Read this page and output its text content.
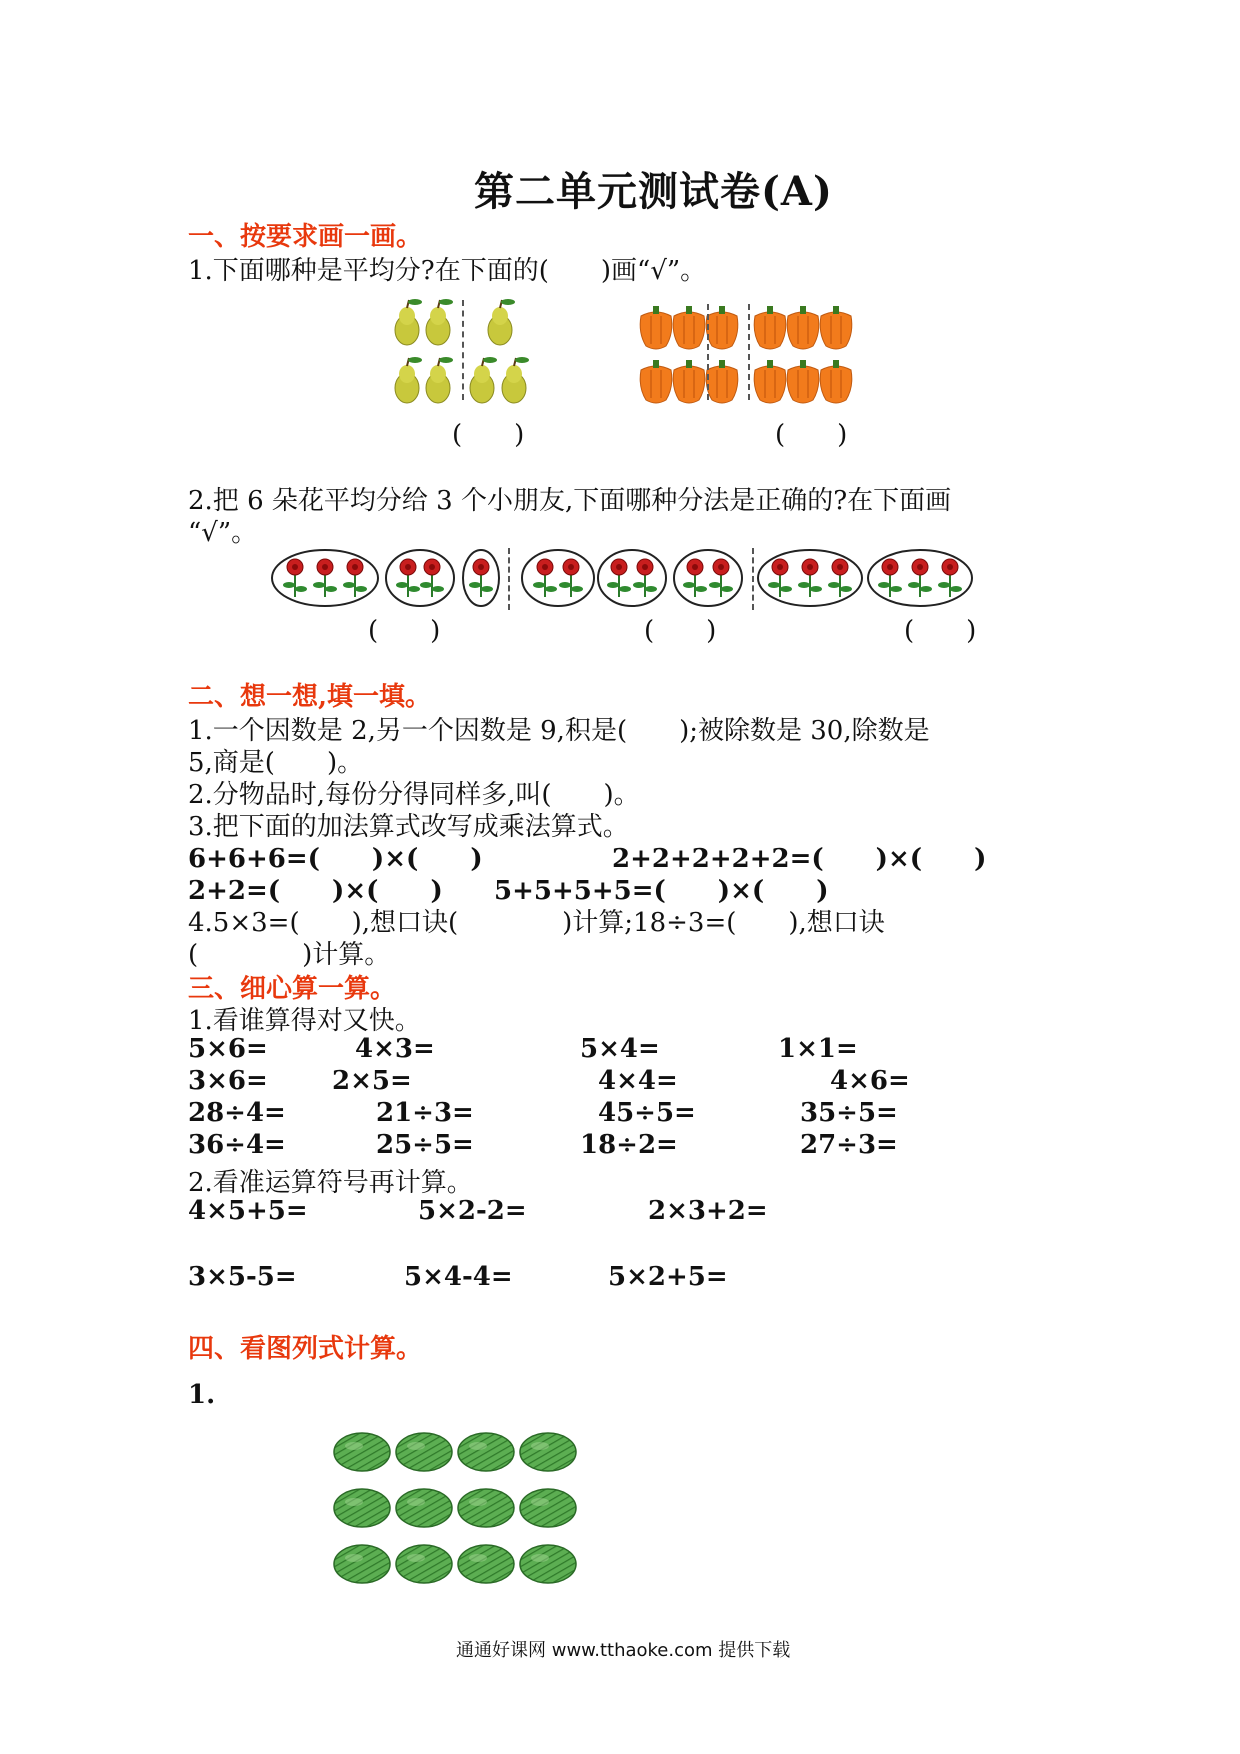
第二单元测试卷(A)
一、按要求画一画。
1.下面哪种是平均分?在下面的(　　)画“√”。
(　　)	(　　)
2.把 6 朵花平均分给 3 个小朋友,下面哪种分法是正确的?在下面画
“√”。
(　　)	(　　)	(　　)
二、想一想,填一填。
1.一个因数是 2,另一个因数是 9,积是(　　);被除数是 30,除数是
5,商是(　　)。
2.分物品时,每份分得同样多,叫(　　)。
3.把下面的加法算式改写成乘法算式。
6+6+6=(　　)×(　　)	2+2+2+2+2=(　　)×(　　)
2+2=(　　)×(　　) 5+5+5+5=(　　)×(　　)
4.5×3=(　　),想口诀(　　　　)计算;18÷3=(　　),想口诀
(　　　　)计算。
三、细心算一算。
1.看谁算得对又快。
5×6=	4×3=	5×4=	1×1=
3×6= 2×5=	4×4=	4×6=
28÷4=	21÷3=	45÷5=	35÷5=
36÷4=	25÷5=	18÷2=	27÷3=
2.看准运算符号再计算。
4×5+5=	5×2-2=	2×3+2=
3×5-5=	5×4-4=	5×2+5=
四、看图列式计算。
1.
通通好课网 www.tthaoke.com 提供下载
